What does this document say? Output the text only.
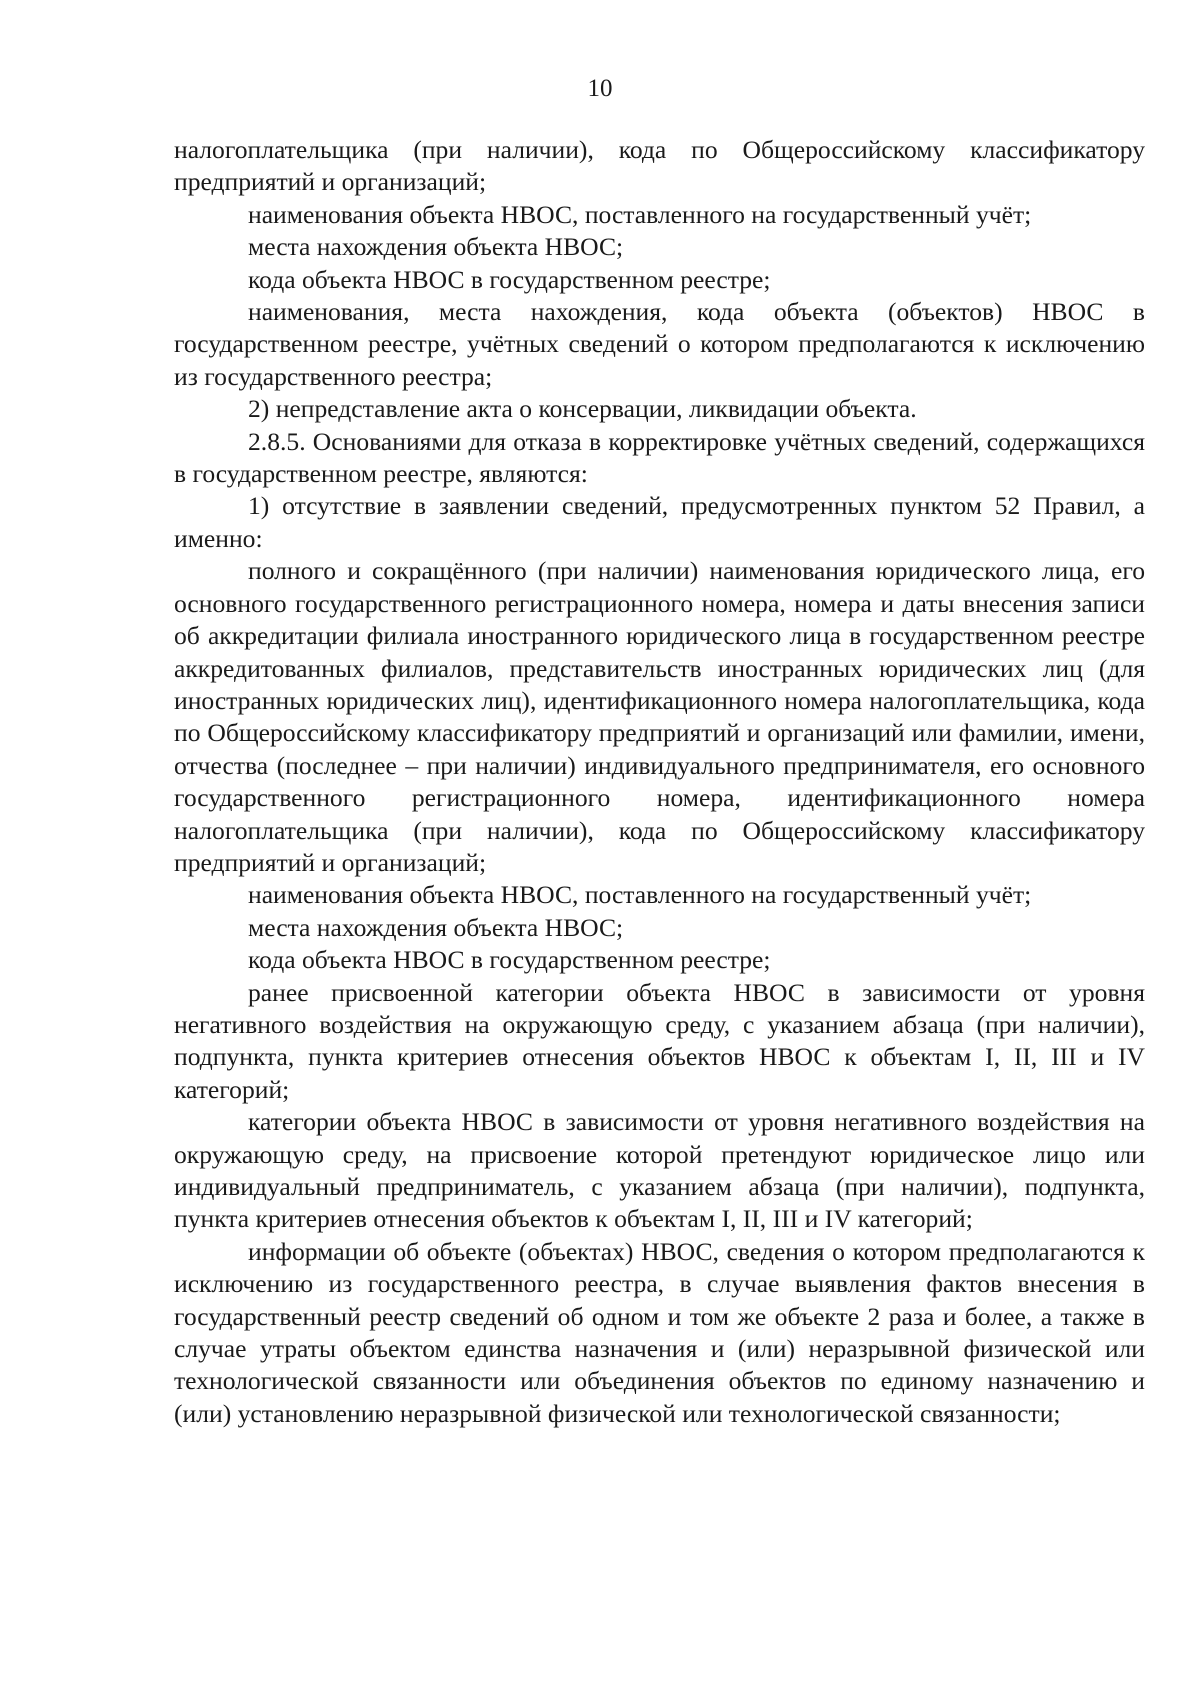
10

налогоплательщика (при наличии), кода по Общероссийскому классификатору предприятий и организаций;

наименования объекта НВОС, поставленного на государственный учёт;

места нахождения объекта НВОС;

кода объекта НВОС в государственном реестре;

наименования, места нахождения, кода объекта (объектов) НВОС в государственном реестре, учётных сведений о котором предполагаются к исключению из государственного реестра;

2) непредставление акта о консервации, ликвидации объекта.

2.8.5. Основаниями для отказа в корректировке учётных сведений, содержащихся в государственном реестре, являются:

1) отсутствие в заявлении сведений, предусмотренных пунктом 52 Правил, а именно:

полного и сокращённого (при наличии) наименования юридического лица, его основного государственного регистрационного номера, номера и даты внесения записи об аккредитации филиала иностранного юридического лица в государственном реестре аккредитованных филиалов, представительств иностранных юридических лиц (для иностранных юридических лиц), идентификационного номера налогоплательщика, кода по Общероссийскому классификатору предприятий и организаций или фамилии, имени, отчества (последнее – при наличии) индивидуального предпринимателя, его основного государственного регистрационного номера, идентификационного номера налогоплательщика (при наличии), кода по Общероссийскому классификатору предприятий и организаций;

наименования объекта НВОС, поставленного на государственный учёт;

места нахождения объекта НВОС;

кода объекта НВОС в государственном реестре;

ранее присвоенной категории объекта НВОС в зависимости от уровня негативного воздействия на окружающую среду, с указанием абзаца (при наличии), подпункта, пункта критериев отнесения объектов НВОС к объектам I, II, III и IV категорий;

категории объекта НВОС в зависимости от уровня негативного воздействия на окружающую среду, на присвоение которой претендуют юридическое лицо или индивидуальный предприниматель, с указанием абзаца (при наличии), подпункта, пункта критериев отнесения объектов к объектам I, II, III и IV категорий;

информации об объекте (объектах) НВОС, сведения о котором предполагаются к исключению из государственного реестра, в случае выявления фактов внесения в государственный реестр сведений об одном и том же объекте 2 раза и более, а также в случае утраты объектом единства назначения и (или) неразрывной физической или технологической связанности или объединения объектов по единому назначению и (или) установлению неразрывной физической или технологической связанности;
